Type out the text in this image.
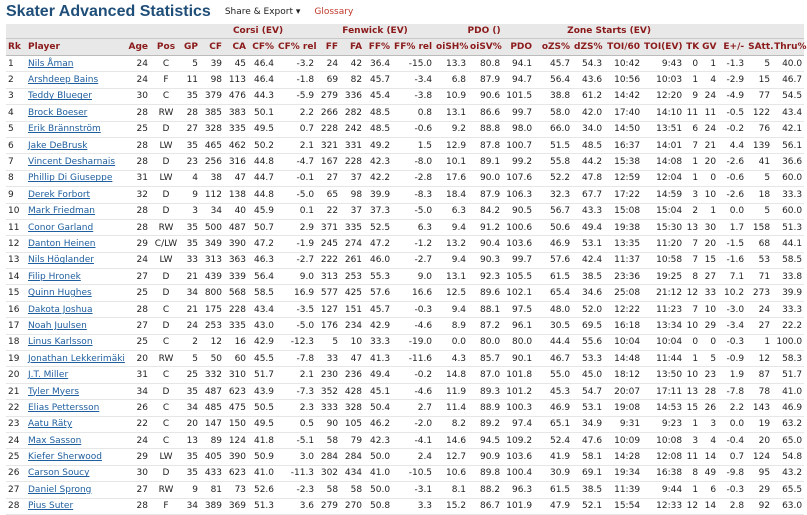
Skater Advanced Statistics Share & Export ▾ Glossary
					Corsi (EV)				Fenwick (EV)				PDO ()			Zone Starts (EV)								
Rk	Player	Age	Pos	GP	CF	CA	CF%	CF% rel	FF	FA	FF%	FF% rel	oiSH%	oiSV%	PDO	oZS%	dZS%	TOI/60	TOI(EV)	TK	GV	E+/-	SAtt.	Thru%
1	Nils Åman	24	C	5	39	45	46.4	-3.2	24	42	36.4	-15.0	13.3	80.8	94.1	45.7	54.3	10:42	9:43	0	1	-1.3	5	40.0
2	Arshdeep Bains	24	F	11	98	113	46.4	-1.8	69	82	45.7	-3.4	6.8	87.9	94.7	56.4	43.6	10:56	10:03	1	4	-2.9	15	46.7
3	Teddy Blueger	30	C	35	379	476	44.3	-5.9	279	336	45.4	-3.8	10.9	90.6	101.5	38.8	61.2	14:42	12:20	9	24	-4.9	77	54.5
4	Brock Boeser	28	RW	28	385	383	50.1	2.2	266	282	48.5	0.8	13.1	86.6	99.7	58.0	42.0	17:40	14:10	11	11	-0.5	122	43.4
5	Erik Brännström	25	D	27	328	335	49.5	0.7	228	242	48.5	-0.6	9.2	88.8	98.0	66.0	34.0	14:50	13:51	6	24	-0.2	76	42.1
6	Jake DeBrusk	28	LW	35	465	462	50.2	2.1	321	331	49.2	1.5	12.9	87.8	100.7	51.5	48.5	16:37	14:01	7	21	4.4	139	56.1
7	Vincent Desharnais	28	D	23	256	316	44.8	-4.7	167	228	42.3	-8.0	10.1	89.1	99.2	55.8	44.2	15:38	14:08	1	20	-2.6	41	36.6
8	Phillip Di Giuseppe	31	LW	4	38	47	44.7	-0.1	27	37	42.2	-2.8	17.6	90.0	107.6	52.2	47.8	12:59	12:04	1	0	-0.6	5	60.0
9	Derek Forbort	32	D	9	112	138	44.8	-5.0	65	98	39.9	-8.3	18.4	87.9	106.3	32.3	67.7	17:22	14:59	3	10	-2.6	18	33.3
10	Mark Friedman	28	D	3	34	40	45.9	0.1	22	37	37.3	-5.0	6.3	84.2	90.5	56.7	43.3	15:08	15:04	2	1	0.0	5	60.0
11	Conor Garland	28	RW	35	500	487	50.7	2.9	371	335	52.5	6.3	9.4	91.2	100.6	50.6	49.4	19:38	15:30	13	30	1.7	158	51.3
12	Danton Heinen	29	C/LW	35	349	390	47.2	-1.9	245	274	47.2	-1.2	13.2	90.4	103.6	46.9	53.1	13:35	11:20	7	20	-1.5	68	44.1
13	Nils Höglander	24	LW	33	313	363	46.3	-2.7	222	261	46.0	-2.7	9.4	90.3	99.7	57.6	42.4	11:37	10:58	7	15	-1.6	53	58.5
14	Filip Hronek	27	D	21	439	339	56.4	9.0	313	253	55.3	9.0	13.1	92.3	105.5	61.5	38.5	23:36	19:25	8	27	7.1	71	33.8
15	Quinn Hughes	25	D	34	800	568	58.5	16.9	577	425	57.6	16.6	12.5	89.6	102.1	65.4	34.6	25:08	21:12	12	33	10.2	273	39.9
16	Dakota Joshua	28	C	21	175	228	43.4	-3.5	127	151	45.7	-0.3	9.4	88.1	97.5	48.0	52.0	12:22	11:23	7	10	-3.0	24	33.3
17	Noah Juulsen	27	D	24	253	335	43.0	-5.0	176	234	42.9	-4.6	8.9	87.2	96.1	30.5	69.5	16:18	13:34	10	29	-3.4	27	22.2
18	Linus Karlsson	25	C	2	12	16	42.9	-12.3	5	10	33.3	-19.0	0.0	80.0	80.0	44.4	55.6	10:04	10:04	0	0	-0.3	1	100.0
19	Jonathan Lekkerimäki	20	RW	5	50	60	45.5	-7.8	33	47	41.3	-11.6	4.3	85.7	90.1	46.7	53.3	14:48	11:44	1	5	-0.9	12	58.3
20	J.T. Miller	31	C	25	332	310	51.7	2.1	230	236	49.4	-0.2	14.8	87.0	101.8	55.0	45.0	18:12	13:50	10	23	1.9	87	51.7
21	Tyler Myers	34	D	35	487	623	43.9	-7.3	352	428	45.1	-4.6	11.9	89.3	101.2	45.3	54.7	20:07	17:11	13	28	-7.8	78	41.0
22	Elias Pettersson	26	C	34	485	475	50.5	2.3	333	328	50.4	2.7	11.4	88.9	100.3	46.9	53.1	19:08	14:53	15	26	2.2	143	46.9
23	Aatu Räty	22	C	20	147	150	49.5	0.5	90	105	46.2	-2.0	8.2	89.2	97.4	65.1	34.9	9:31	9:23	1	3	0.0	19	63.2
24	Max Sasson	24	C	13	89	124	41.8	-5.1	58	79	42.3	-4.1	14.6	94.5	109.2	52.4	47.6	10:09	10:08	3	4	-0.4	20	65.0
25	Kiefer Sherwood	29	LW	35	405	390	50.9	3.0	284	284	50.0	2.4	12.7	90.9	103.6	41.9	58.1	14:28	12:08	11	14	0.7	124	54.8
26	Carson Soucy	30	D	35	433	623	41.0	-11.3	302	434	41.0	-10.5	10.6	89.8	100.4	30.9	69.1	19:34	16:38	8	49	-9.8	95	43.2
27	Daniel Sprong	27	RW	9	81	73	52.6	-2.3	58	58	50.0	-3.1	8.1	88.2	96.3	61.5	38.5	11:39	9:44	1	6	-0.3	29	65.5
28	Pius Suter	28	F	34	389	369	51.3	3.6	279	270	50.8	3.3	15.2	86.7	101.9	47.9	52.1	15:54	12:33	12	14	2.8	92	63.0
